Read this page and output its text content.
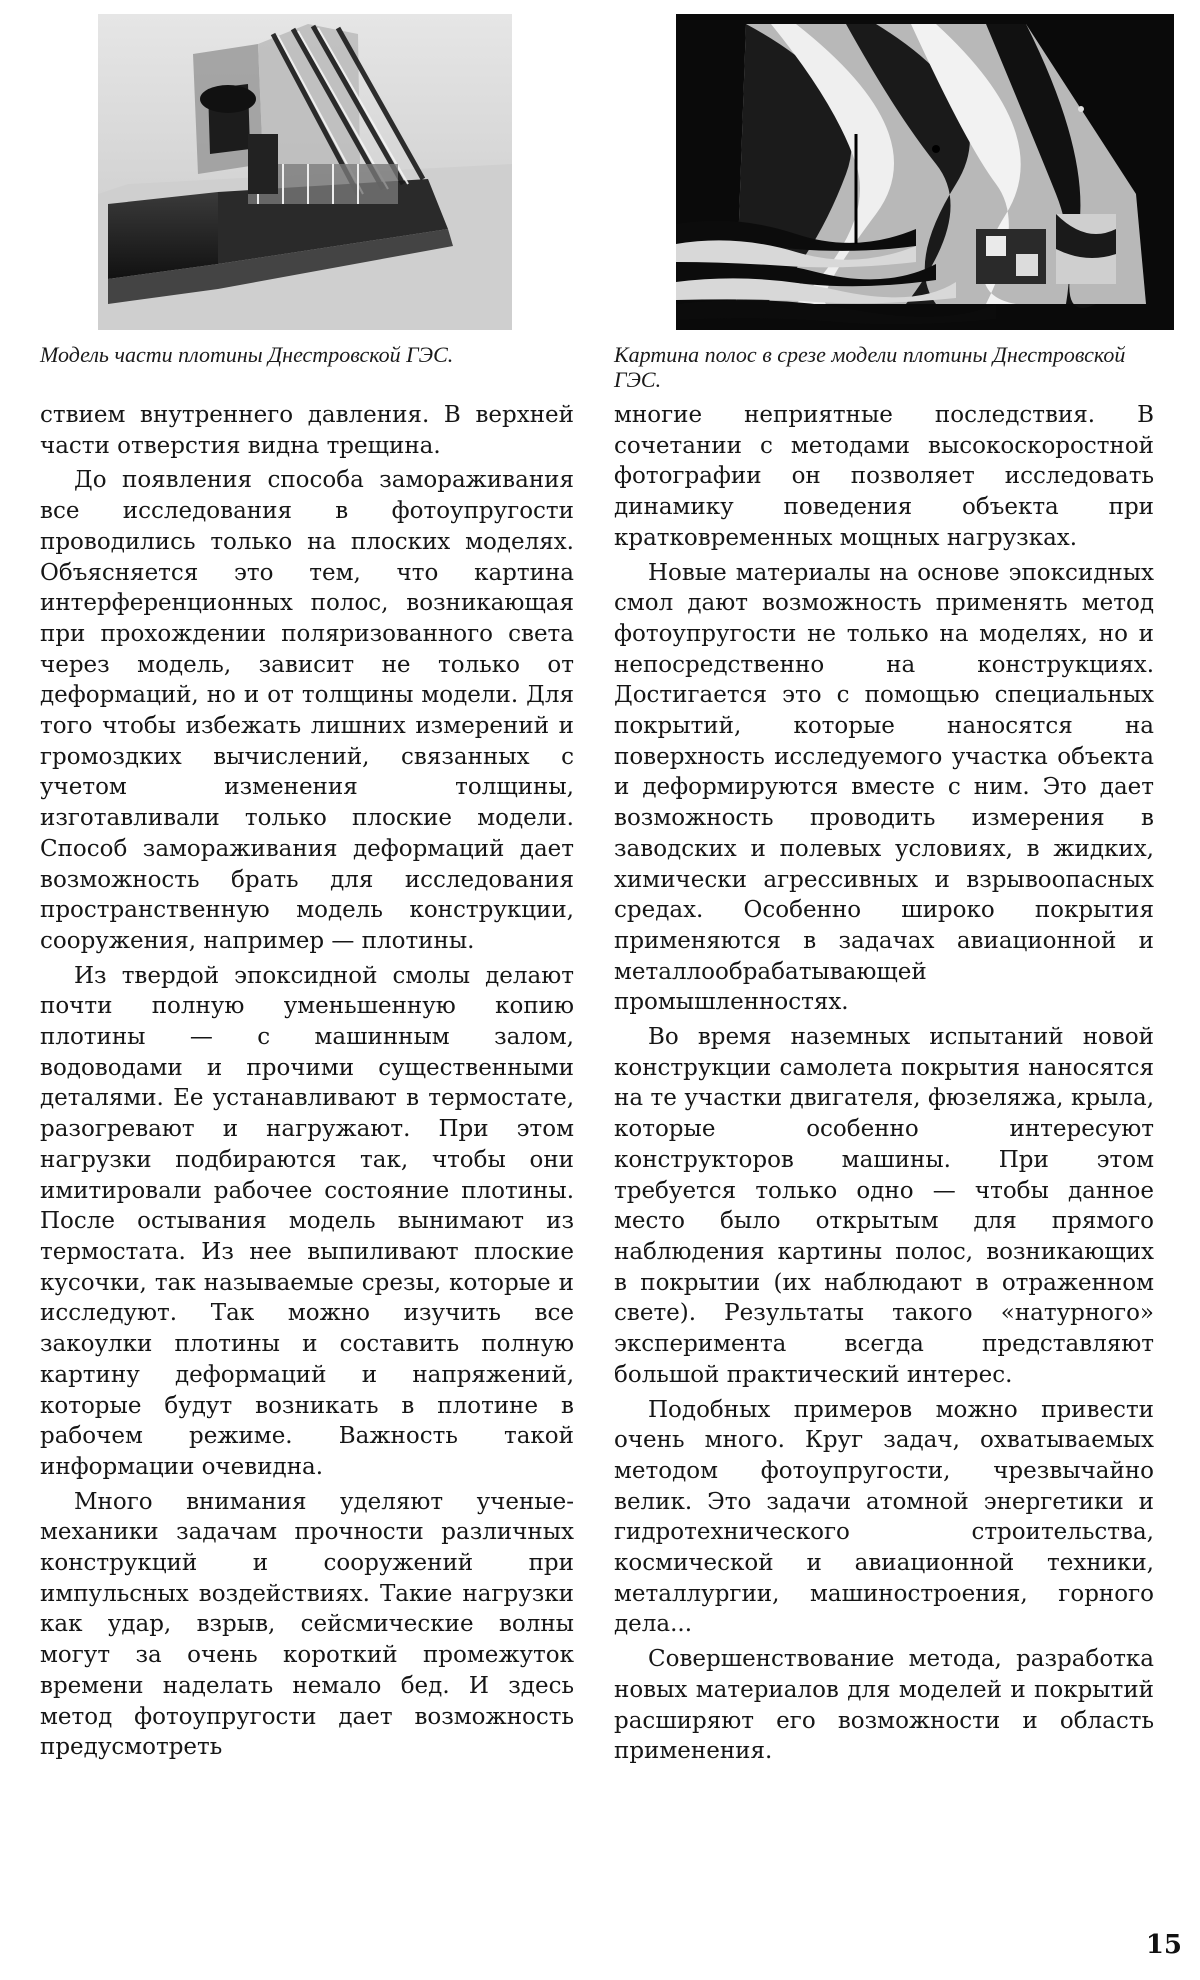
Модель части плотины Днестровской ГЭС.	Картина полос в срезе модели плотины Днестровской ГЭС.

ствием внутреннего давления. В верхней части отверстия видна трещина.

До появления способа замораживания все исследования в фотоупругости проводились только на плоских моделях. Объясняется это тем, что картина интерференционных полос, возникающая при прохождении поляризованного света через модель, зависит не только от деформаций, но и от толщины модели. Для того чтобы избежать лишних измерений и громоздких вычислений, связанных с учетом изменения толщины, изготавливали только плоские модели. Способ замораживания деформаций дает возможность брать для исследования пространственную модель конструкции, сооружения, например — плотины.

Из твердой эпоксидной смолы делают почти полную уменьшенную копию плотины — с машинным залом, водоводами и прочими существенными деталями. Ее устанавливают в термостате, разогревают и нагружают. При этом нагрузки подбираются так, чтобы они имитировали рабочее состояние плотины. После остывания модель вынимают из термостата. Из нее выпиливают плоские кусочки, так называемые срезы, которые и исследуют. Так можно изучить все закоулки плотины и составить полную картину деформаций и напряжений, которые будут возникать в плотине в рабочем режиме. Важность такой информации очевидна.

Много внимания уделяют ученые-механики задачам прочности различных конструкций и сооружений при импульсных воздействиях. Такие нагрузки как удар, взрыв, сейсмические волны могут за очень короткий промежуток времени наделать немало бед. И здесь метод фотоупругости дает возможность предусмотреть

многие неприятные последствия. В сочетании с методами высокоскоростной фотографии он позволяет исследовать динамику поведения объекта при кратковременных мощных нагрузках.

Новые материалы на основе эпоксидных смол дают возможность применять метод фотоупругости не только на моделях, но и непосредственно на конструкциях. Достигается это с помощью специальных покрытий, которые наносятся на поверхность исследуемого участка объекта и деформируются вместе с ним. Это дает возможность проводить измерения в заводских и полевых условиях, в жидких, химически агрессивных и взрывоопасных средах. Особенно широко покрытия применяются в задачах авиационной и металлообрабатывающей промышленностях.

Во время наземных испытаний новой конструкции самолета покрытия наносятся на те участки двигателя, фюзеляжа, крыла, которые особенно интересуют конструкторов машины. При этом требуется только одно — чтобы данное место было открытым для прямого наблюдения картины полос, возникающих в покрытии (их наблюдают в отраженном свете). Результаты такого «натурного» эксперимента всегда представляют большой практический интерес.

Подобных примеров можно привести очень много. Круг задач, охватываемых методом фотоупругости, чрезвычайно велик. Это задачи атомной энергетики и гидротехнического строительства, космической и авиационной техники, металлургии, машиностроения, горного дела...

Совершенствование метода, разработка новых материалов для моделей и покрытий расширяют его возможности и область применения.

15
